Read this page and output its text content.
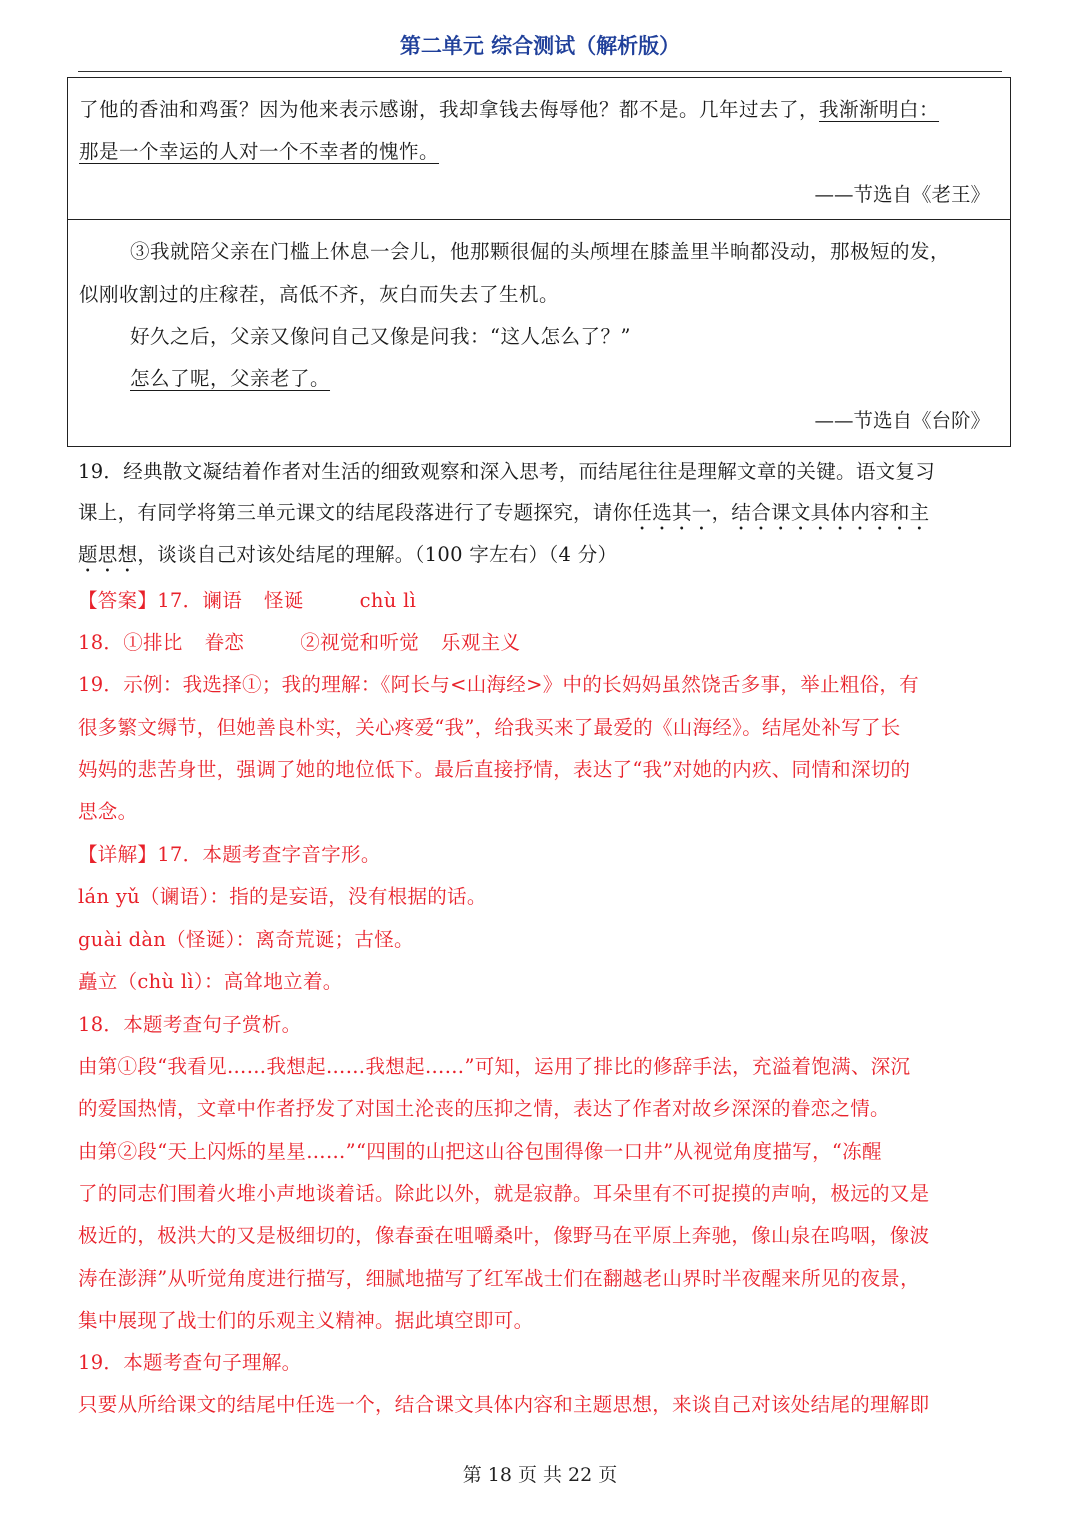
第二单元 综合测试（解析版）
了他的香油和鸡蛋？因为他来表示感谢，我却拿钱去侮辱他？都不是。几年过去了，我渐渐明白：
那是一个幸运的人对一个不幸者的愧怍。
——节选自《老王》
③我就陪父亲在门槛上休息一会儿，他那颗很倔的头颅埋在膝盖里半晌都没动，那极短的发，
似刚收割过的庄稼茬，高低不齐，灰白而失去了生机。
好久之后，父亲又像问自己又像是问我：“这人怎么了？”
怎么了呢，父亲老了。
——节选自《台阶》
19．经典散文凝结着作者对生活的细致观察和深入思考，而结尾往往是理解文章的关键。语文复习
课上，有同学将第三单元课文的结尾段落进行了专题探究，请你任选其一，结合课文具体内容和主
题思想，谈谈自己对该处结尾的理解。（100 字左右）（4 分）
【答案】17．谰语 怪诞	chù lì
18．①排比 眷恋	②视觉和听觉 乐观主义
19．示例：我选择①；我的理解：《阿长与<山海经>》中的长妈妈虽然饶舌多事，举止粗俗，有
很多繁文缛节，但她善良朴实，关心疼爱“我”，给我买来了最爱的《山海经》。结尾处补写了长
妈妈的悲苦身世，强调了她的地位低下。最后直接抒情，表达了“我”对她的内疚、同情和深切的
思念。
【详解】17．本题考查字音字形。
lán yǔ（谰语）：指的是妄语，没有根据的话。
guài dàn（怪诞）：离奇荒诞；古怪。
矗立（chù lì）：高耸地立着。
18．本题考查句子赏析。
由第①段“我看见……我想起……我想起……”可知，运用了排比的修辞手法，充溢着饱满、深沉
的爱国热情，文章中作者抒发了对国土沦丧的压抑之情，表达了作者对故乡深深的眷恋之情。
由第②段“天上闪烁的星星……”“四围的山把这山谷包围得像一口井”从视觉角度描写，“冻醒
了的同志们围着火堆小声地谈着话。除此以外，就是寂静。耳朵里有不可捉摸的声响，极远的又是
极近的，极洪大的又是极细切的，像春蚕在咀嚼桑叶，像野马在平原上奔驰，像山泉在呜咽，像波
涛在澎湃”从听觉角度进行描写，细腻地描写了红军战士们在翻越老山界时半夜醒来所见的夜景，
集中展现了战士们的乐观主义精神。据此填空即可。
19．本题考查句子理解。
只要从所给课文的结尾中任选一个，结合课文具体内容和主题思想，来谈自己对该处结尾的理解即
第 18 页 共 22 页
